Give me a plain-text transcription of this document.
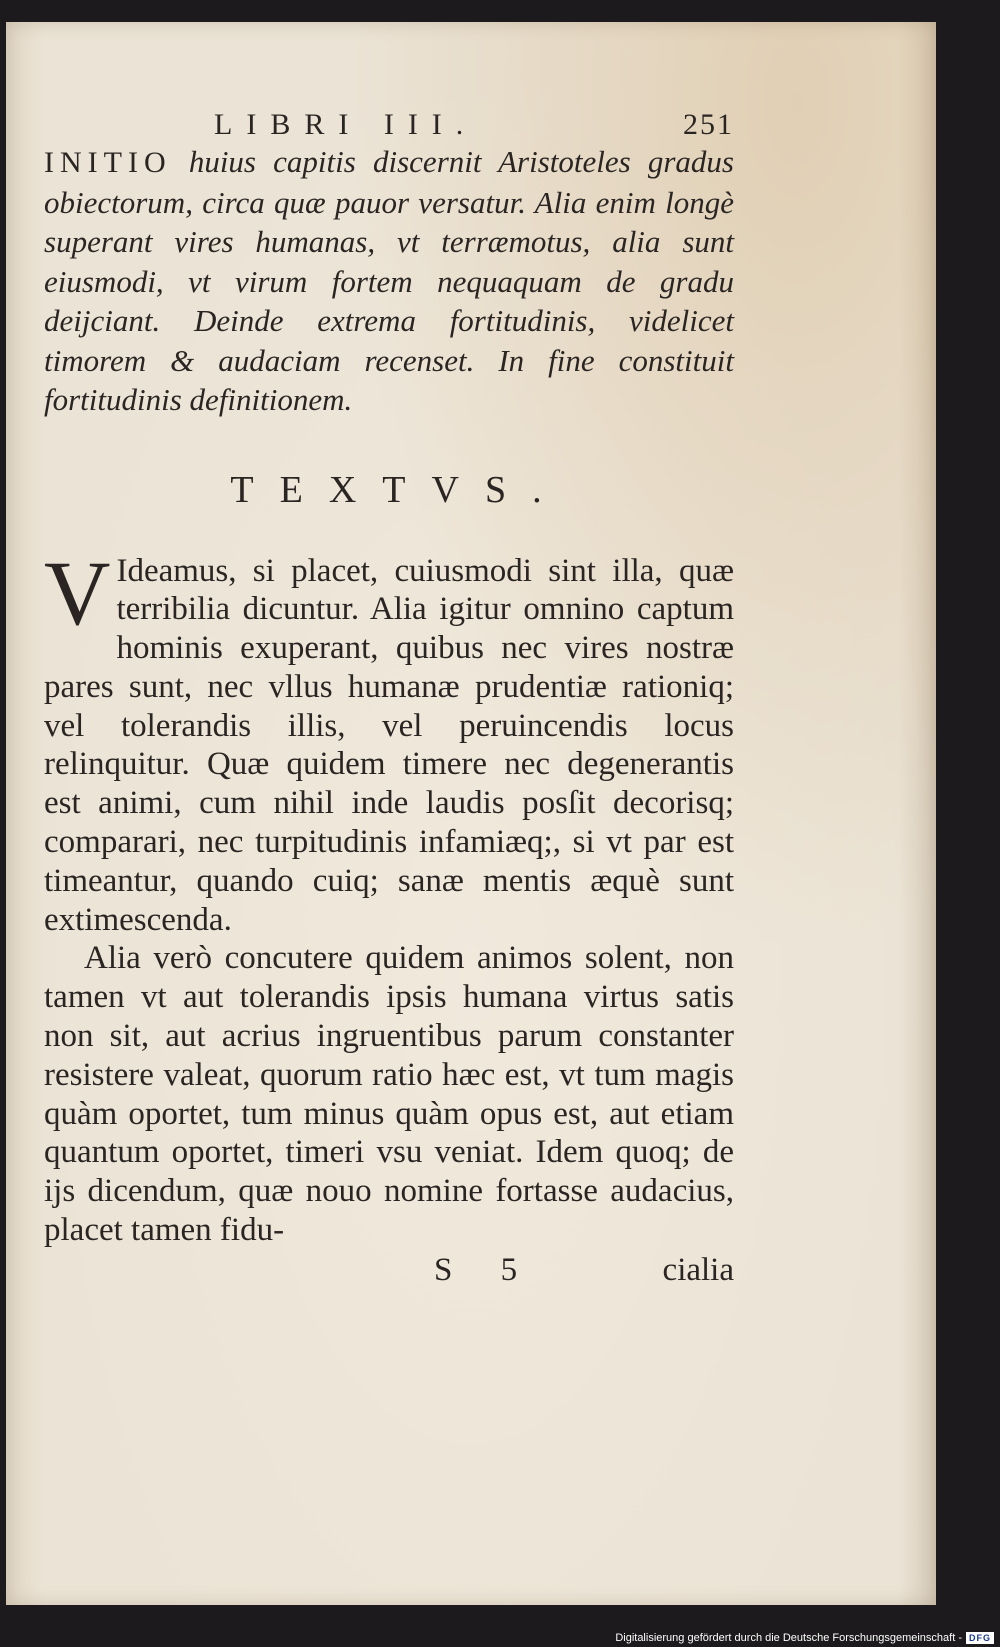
LIBRI III.	251

INITIO huius capitis discernit Aristoteles gradus obiectorum, circa quæ pauor versatur. Alia enim longè superant vires humanas, vt terræmotus, alia sunt eiusmodi, vt virum fortem nequaquam de gradu deijciant. Deinde extrema fortitudinis, videlicet timorem & audaciam recenset. In fine constituit fortitudinis definitionem.

TEXTVS.

V Ideamus, si placet, cuiusmodi sint illa, quæ terribilia dicuntur. Alia igitur omnino captum hominis exuperant, quibus nec vires nostræ pares sunt, nec vllus humanæ prudentiæ rationiq; vel tolerandis illis, vel peruincendis locus relinquitur. Quæ quidem timere nec degenerantis est animi, cum nihil inde laudis posſit decorisq; comparari, nec turpitudinis infamiæq;, si vt par est timeantur, quando cuiq; sanæ mentis æquè sunt extimescenda.

Alia verò concutere quidem animos solent, non tamen vt aut tolerandis ipsis humana virtus satis non sit, aut acrius ingruentibus parum constanter resistere valeat, quorum ratio hæc est, vt tum magis quàm oportet, tum minus quàm opus est, aut etiam quantum oportet, timeri vsu veniat. Idem quoq; de ijs dicendum, quæ nouo nomine fortasse audacius, placet tamen fidu-

S 5	cialia
Digitalisierung gefördert durch die Deutsche Forschungsgemeinschaft - DFG
